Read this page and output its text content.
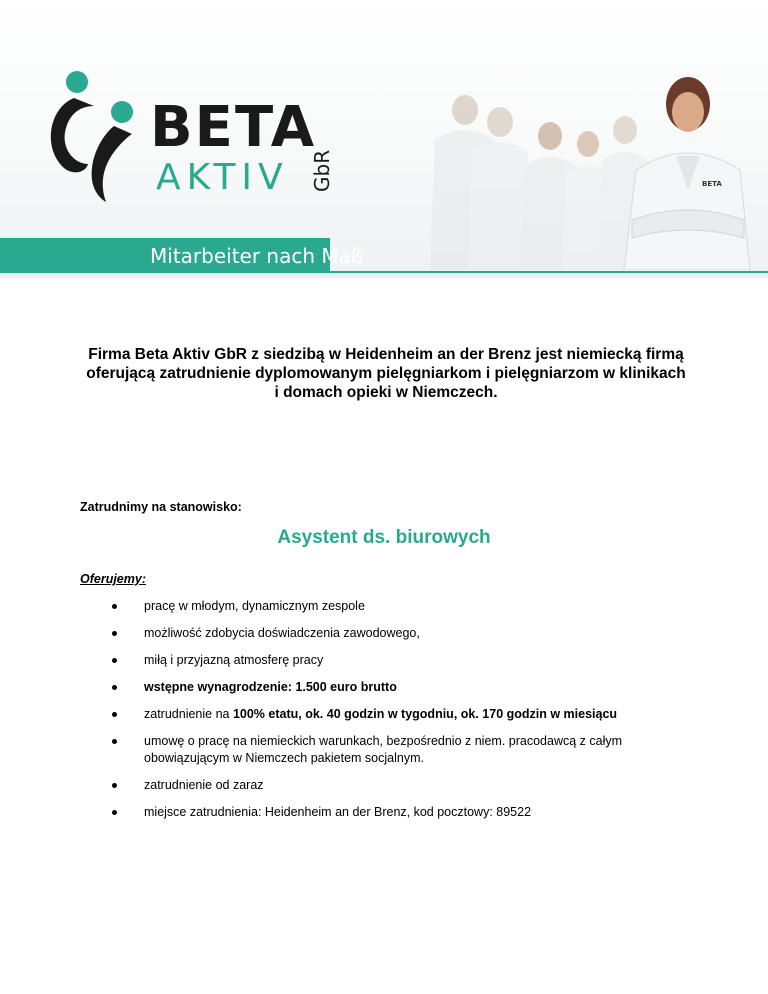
BETA
AKTIV GbR	BETA
Mitarbeiter nach Maß
Firma Beta Aktiv GbR z siedzibą w Heidenheim an der Brenz jest niemiecką firmą
oferującą zatrudnienie dyplomowanym pielęgniarkom i pielęgniarzom w klinikach
i domach opieki w Niemczech.
Zatrudnimy na stanowisko:
Asystent ds. biurowych
Oferujemy:
pracę w młodym, dynamicznym zespole
możliwość zdobycia doświadczenia zawodowego,
miłą i przyjazną atmosferę pracy
wstępne wynagrodzenie: 1.500 euro brutto
zatrudnienie na 100% etatu, ok. 40 godzin w tygodniu, ok. 170 godzin w miesiącu
umowę o pracę na niemieckich warunkach, bezpośrednio z niem. pracodawcą z całym obowiązującym w Niemczech pakietem socjalnym.
zatrudnienie od zaraz
miejsce zatrudnienia: Heidenheim an der Brenz, kod pocztowy: 89522
